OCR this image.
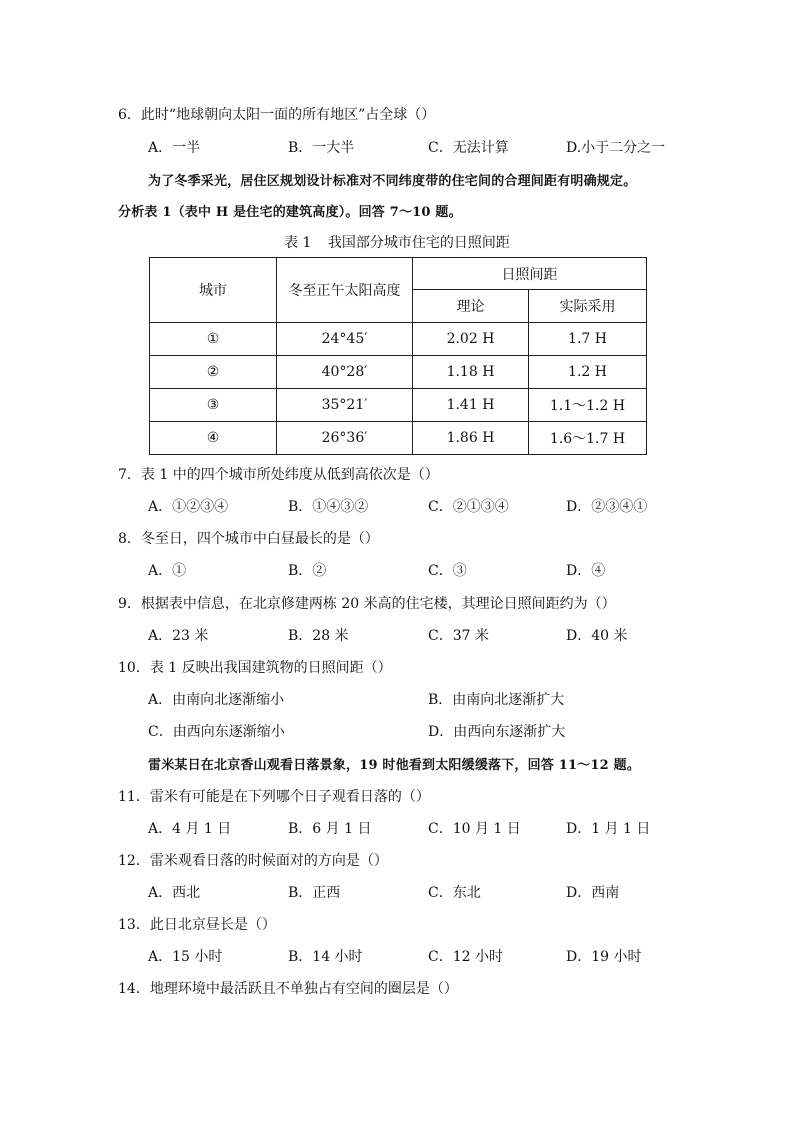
6．此时“地球朝向太阳一面的所有地区”占全球（）
A．一半	B．一大半	C．无法计算	D.小于二分之一
为了冬季采光，居住区规划设计标准对不同纬度带的住宅间的合理间距有明确规定。
分析表 1（表中 H 是住宅的建筑高度）。回答 7～10 题。
表 1 我国部分城市住宅的日照间距
城市	冬至正午太阳高度	日照间距	
		理论	实际采用
①	24°45′	2.02 H	1.7 H
②	40°28′	1.18 H	1.2 H
③	35°21′	1.41 H	1.1～1.2 H
④	26°36′	1.86 H	1.6～1.7 H
7．表 1 中的四个城市所处纬度从低到高依次是（）
A．①②③④	B．①④③②	C．②①③④	D．②③④①
8．冬至日，四个城市中白昼最长的是（）
A．①	B．②	C．③	D．④
9．根据表中信息，在北京修建两栋 20 米高的住宅楼，其理论日照间距约为（）
A．23 米	B．28 米	C．37 米	D．40 米
10．表 1 反映出我国建筑物的日照间距（）
A．由南向北逐渐缩小	B．由南向北逐渐扩大
C．由西向东逐渐缩小	D．由西向东逐渐扩大
雷米某日在北京香山观看日落景象，19 时他看到太阳缓缓落下，回答 11～12 题。
11．雷米有可能是在下列哪个日子观看日落的（）
A．4 月 1 日	B．6 月 1 日	C．10 月 1 日	D．1 月 1 日
12．雷米观看日落的时候面对的方向是（）
A．西北	B．正西	C．东北	D．西南
13．此日北京昼长是（）
A．15 小时	B．14 小时	C．12 小时	D．19 小时
14．地理环境中最活跃且不单独占有空间的圈层是（）
